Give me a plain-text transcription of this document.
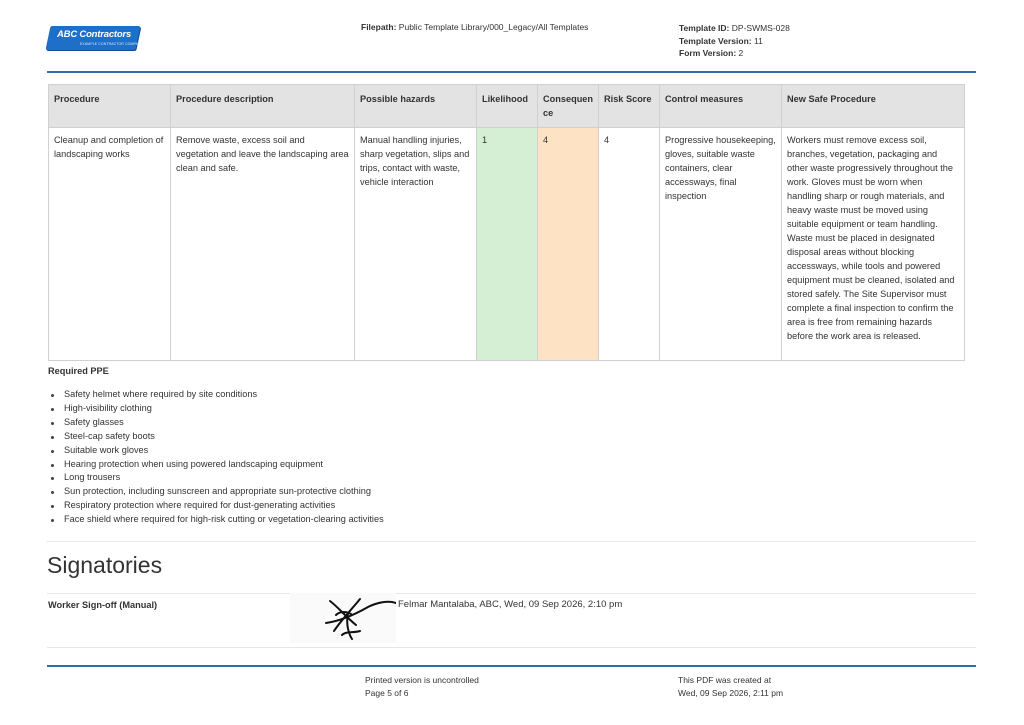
ABC Contractors
EXAMPLE CONTRACTOR COMPANY
Filepath: Public Template Library/000_Legacy/All Templates	Template ID: DP-SWMS-028
Template Version: 11
Form Version: 2
Procedure	Procedure description	Possible hazards	Likelihood	Consequen ce	Risk Score	Control measures	New Safe Procedure
Cleanup and completion of landscaping works	Remove waste, excess soil and vegetation and leave the landscaping area clean and safe.	Manual handling injuries, sharp vegetation, slips and trips, contact with waste, vehicle interaction	1	4	4	Progressive housekeeping, gloves, suitable waste containers, clear accessways, final inspection	Workers must remove excess soil, branches, vegetation, packaging and other waste progressively throughout the work. Gloves must be worn when handling sharp or rough materials, and heavy waste must be moved using suitable equipment or team handling. Waste must be placed in designated disposal areas without blocking accessways, while tools and powered equipment must be cleaned, isolated and stored safely. The Site Supervisor must complete a final inspection to confirm the area is free from remaining hazards before the work area is released.
Required PPE
Safety helmet where required by site conditions
High-visibility clothing
Safety glasses
Steel-cap safety boots
Suitable work gloves
Hearing protection when using powered landscaping equipment
Long trousers
Sun protection, including sunscreen and appropriate sun-protective clothing
Respiratory protection where required for dust-generating activities
Face shield where required for high-risk cutting or vegetation-clearing activities
Signatories
Worker Sign-off (Manual)	Felmar Mantalaba, ABC, Wed, 09 Sep 2026, 2:10 pm
Printed version is uncontrolled
Page 5 of 6
This PDF was created at
Wed, 09 Sep 2026, 2:11 pm
